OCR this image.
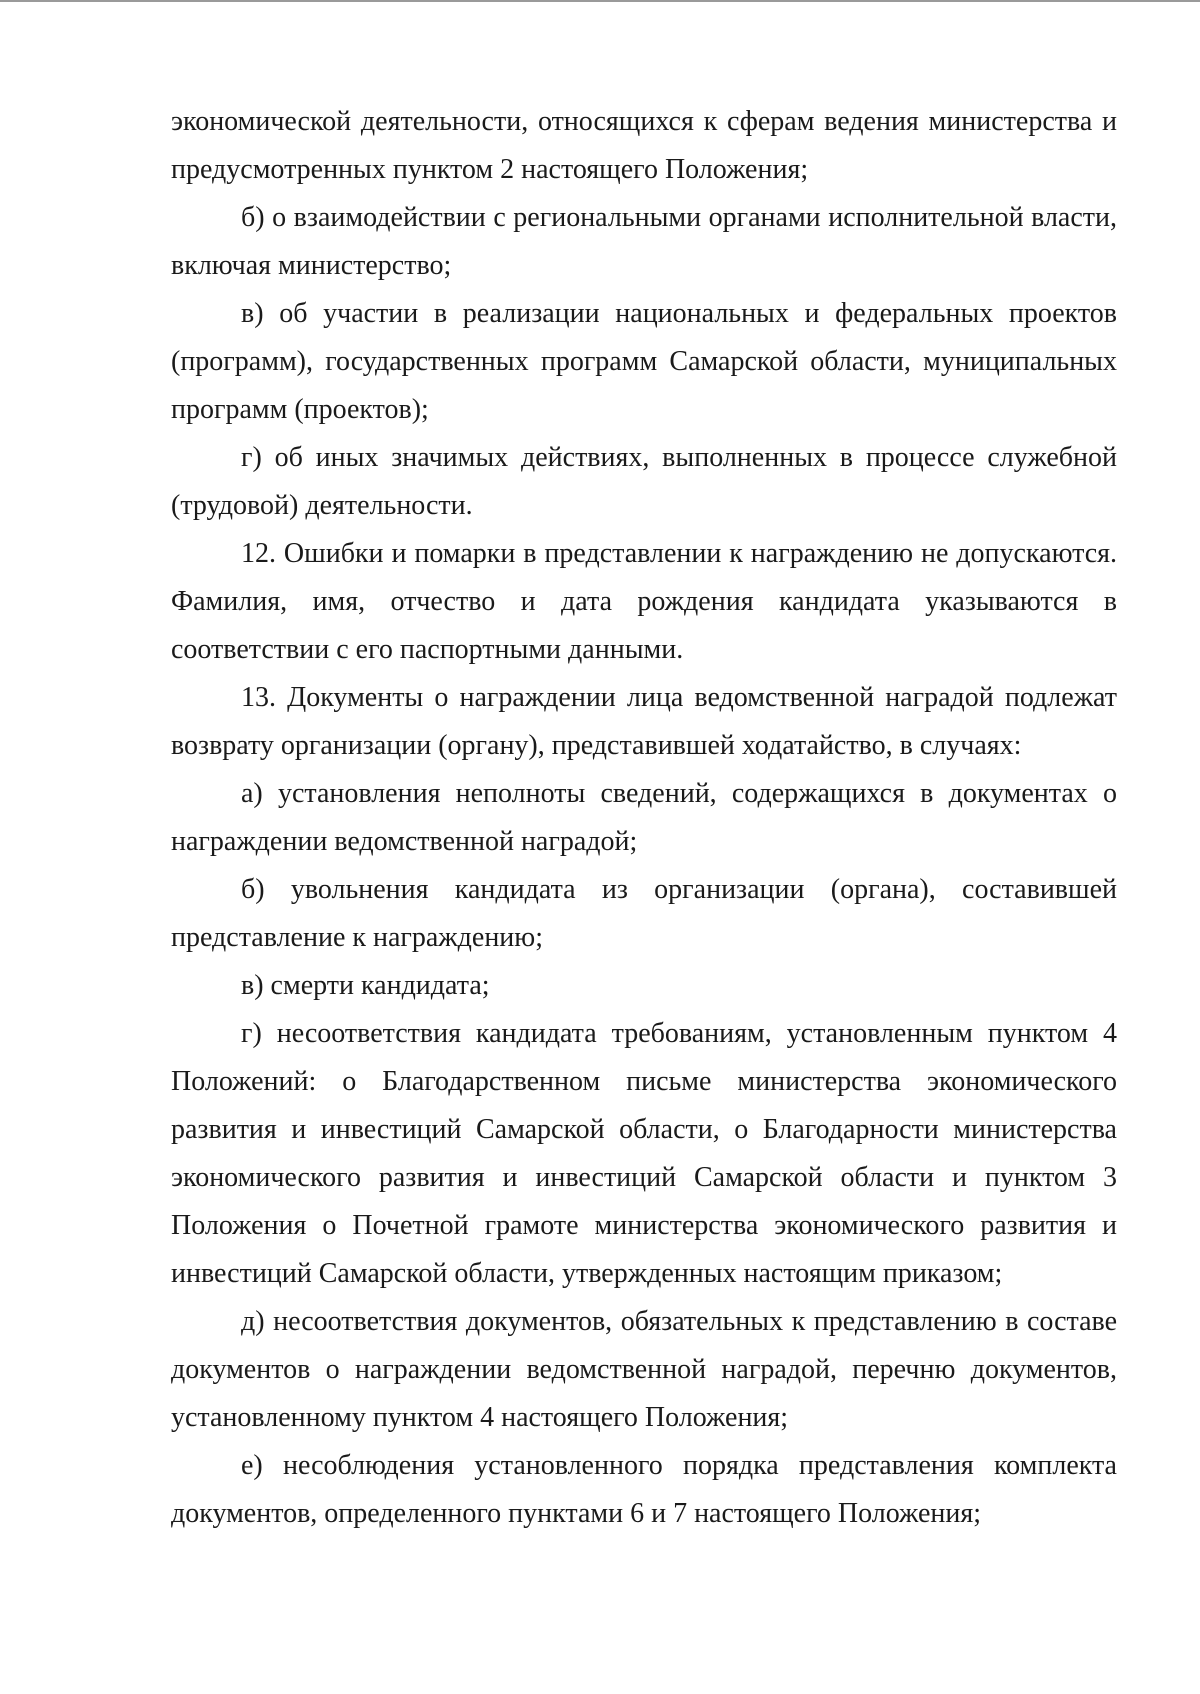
экономической деятельности, относящихся к сферам ведения министерства и предусмотренных пунктом 2 настоящего Положения;

б) о взаимодействии с региональными органами исполнительной власти, включая министерство;

в) об участии в реализации национальных и федеральных проектов (программ), государственных программ Самарской области, муниципальных программ (проектов);

г) об иных значимых действиях, выполненных в процессе служебной (трудовой) деятельности.

12. Ошибки и помарки в представлении к награждению не допускаются. Фамилия, имя, отчество и дата рождения кандидата указываются в соответствии с его паспортными данными.

13. Документы о награждении лица ведомственной наградой подлежат возврату организации (органу), представившей ходатайство, в случаях:

а) установления неполноты сведений, содержащихся в документах о награждении ведомственной наградой;

б) увольнения кандидата из организации (органа), составившей представление к награждению;

в) смерти кандидата;

г) несоответствия кандидата требованиям, установленным пунктом 4 Положений: о Благодарственном письме министерства экономического развития и инвестиций Самарской области, о Благодарности министерства экономического развития и инвестиций Самарской области и пунктом 3 Положения о Почетной грамоте министерства экономического развития и инвестиций Самарской области, утвержденных настоящим приказом;

д) несоответствия документов, обязательных к представлению в составе документов о награждении ведомственной наградой, перечню документов, установленному пунктом 4 настоящего Положения;

е) несоблюдения установленного порядка представления комплекта документов, определенного пунктами 6 и 7 настоящего Положения;
